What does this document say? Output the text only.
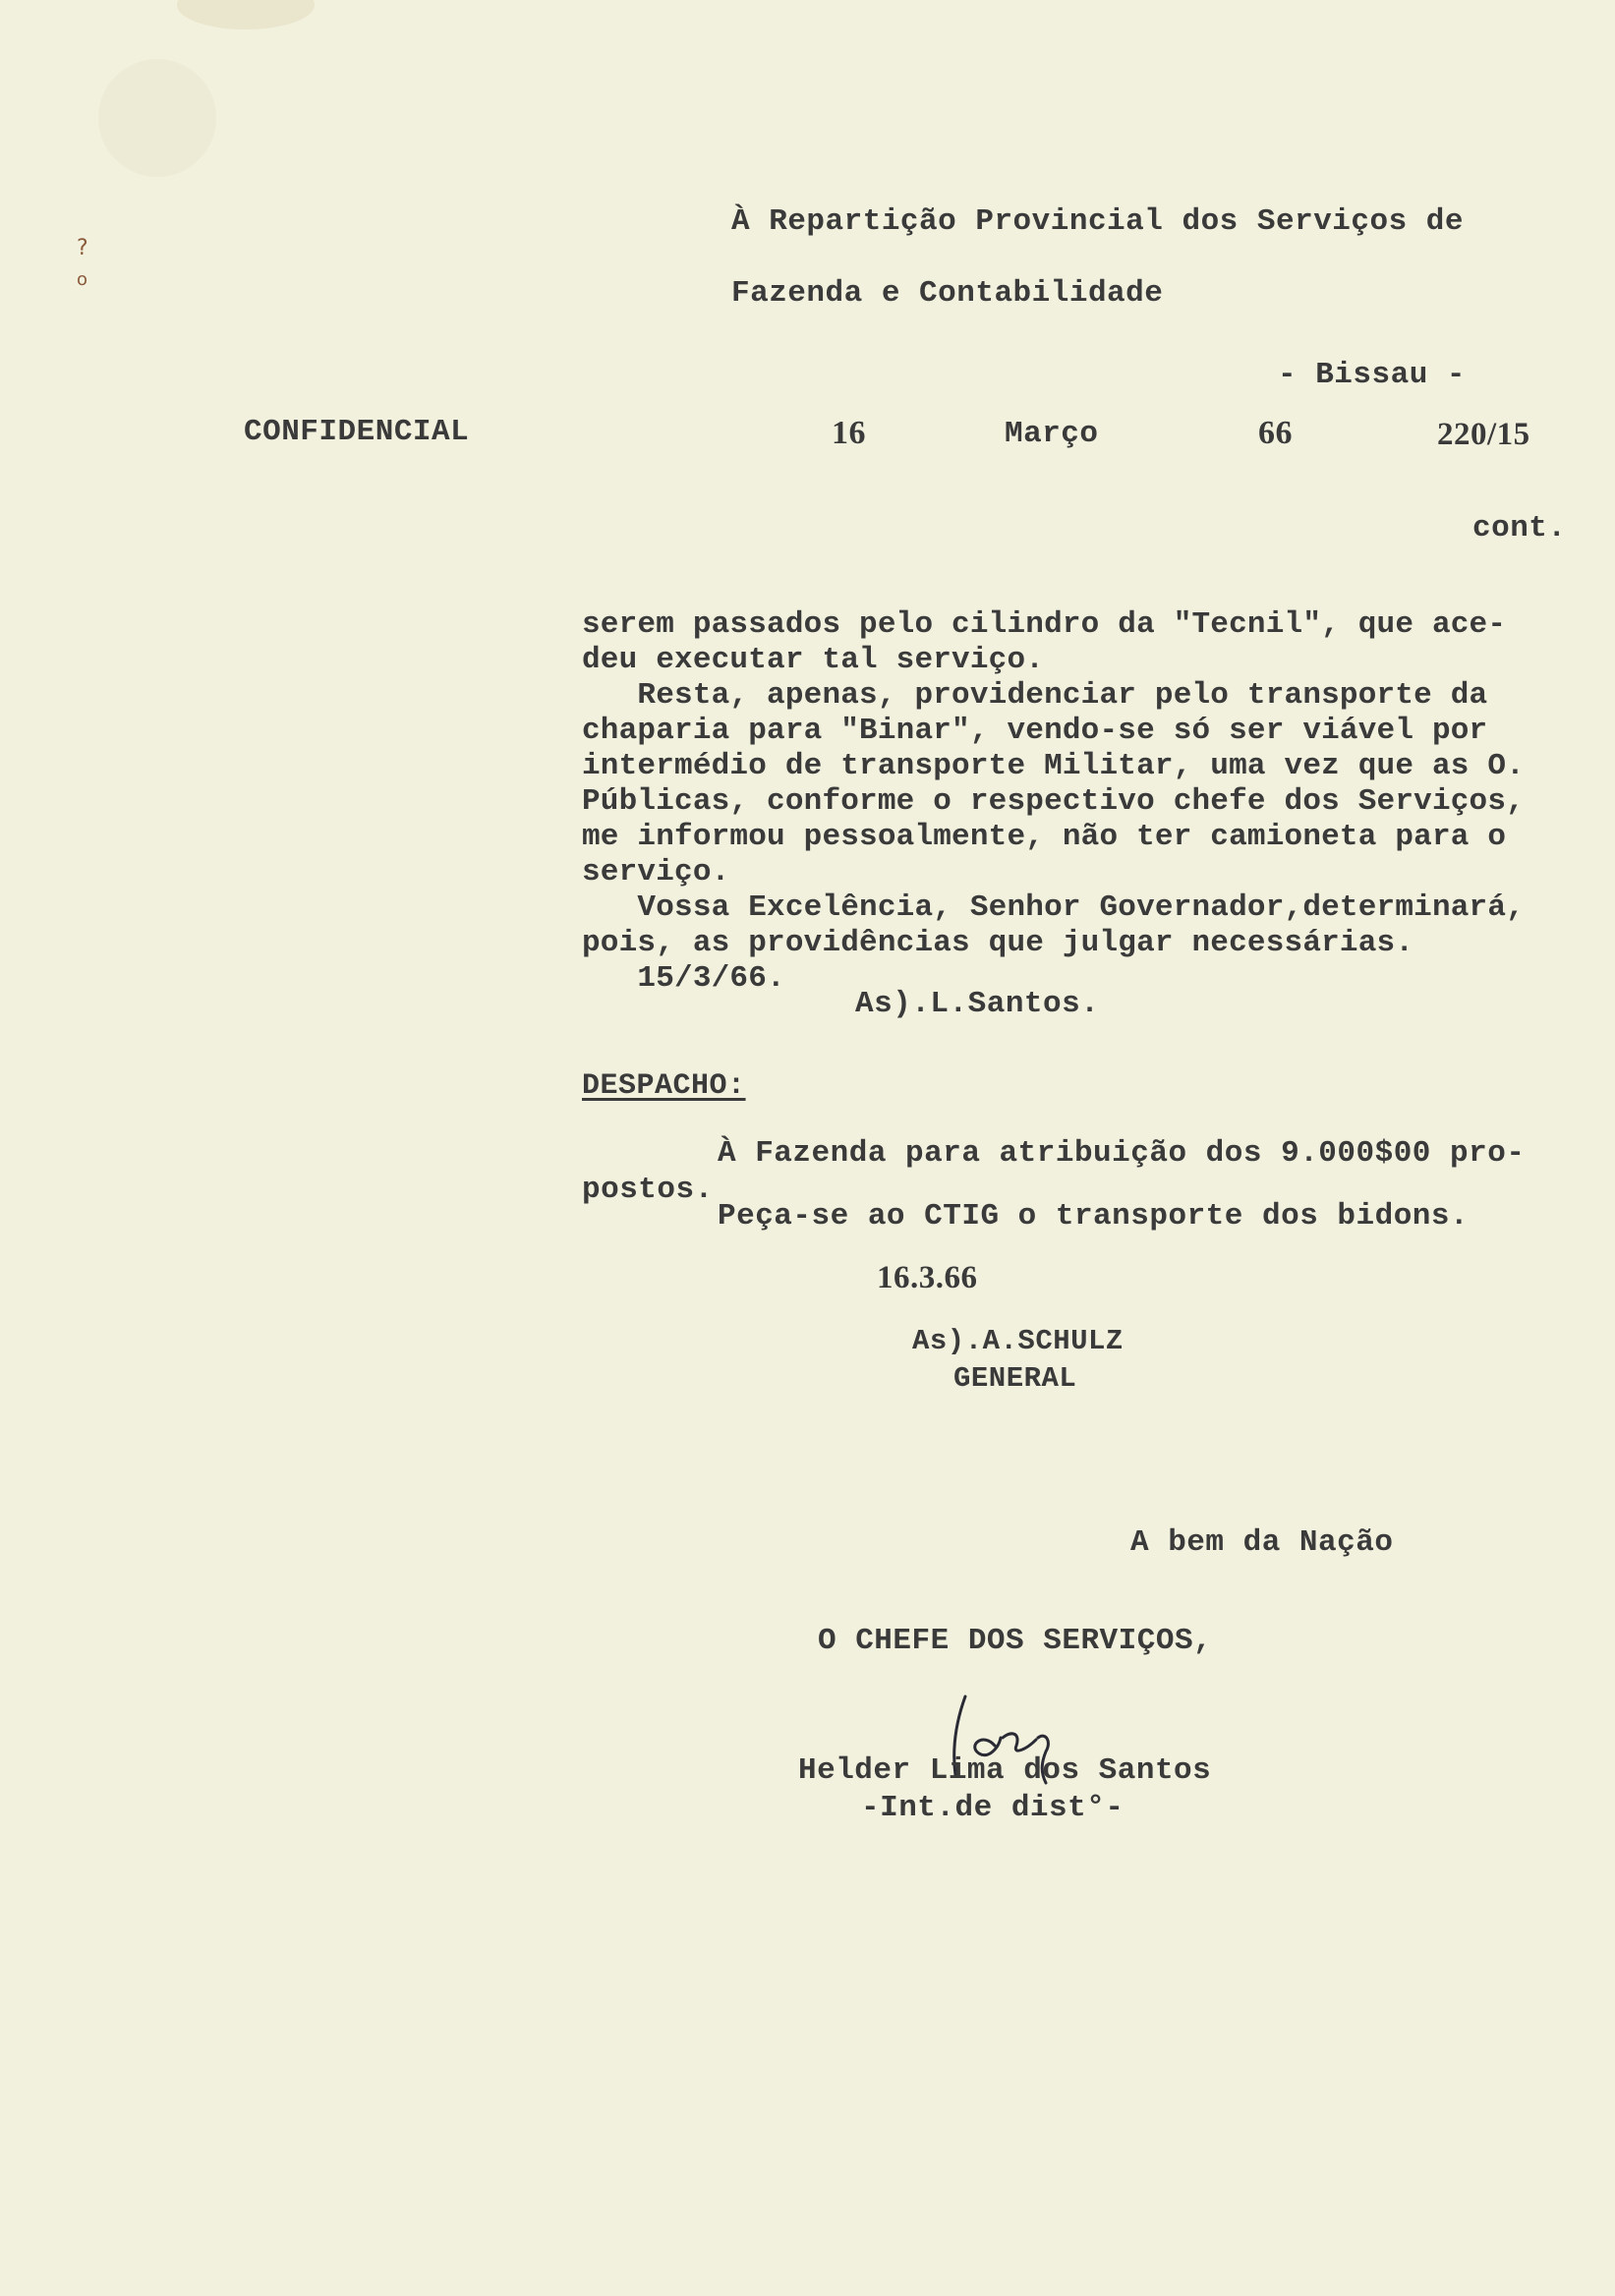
?
o
À Repartição Provincial dos Serviços de
Fazenda e Contabilidade
- Bissau -
CONFIDENCIAL	16	Março	66	220/15
cont.
serem passados pelo cilindro da "Tecnil", que ace-
deu executar tal serviço.
Resta, apenas, providenciar pelo transporte da
chaparia para "Binar", vendo-se só ser viável por
intermédio de transporte Militar, uma vez que as O.
Públicas, conforme o respectivo chefe dos Serviços,
me informou pessoalmente, não ter camioneta para o
serviço.
Vossa Excelência, Senhor Governador,determinará,
pois, as providências que julgar necessárias.
15/3/66.
As).L.Santos.
DESPACHO:
À Fazenda para atribuição dos 9.000$00 pro-
postos.
Peça-se ao CTIG o transporte dos bidons.
16.3.66
As).A.SCHULZ
GENERAL
A bem da Nação
O CHEFE DOS SERVIÇOS,
Helder Lima dos Santos
-Int.de dist°-
